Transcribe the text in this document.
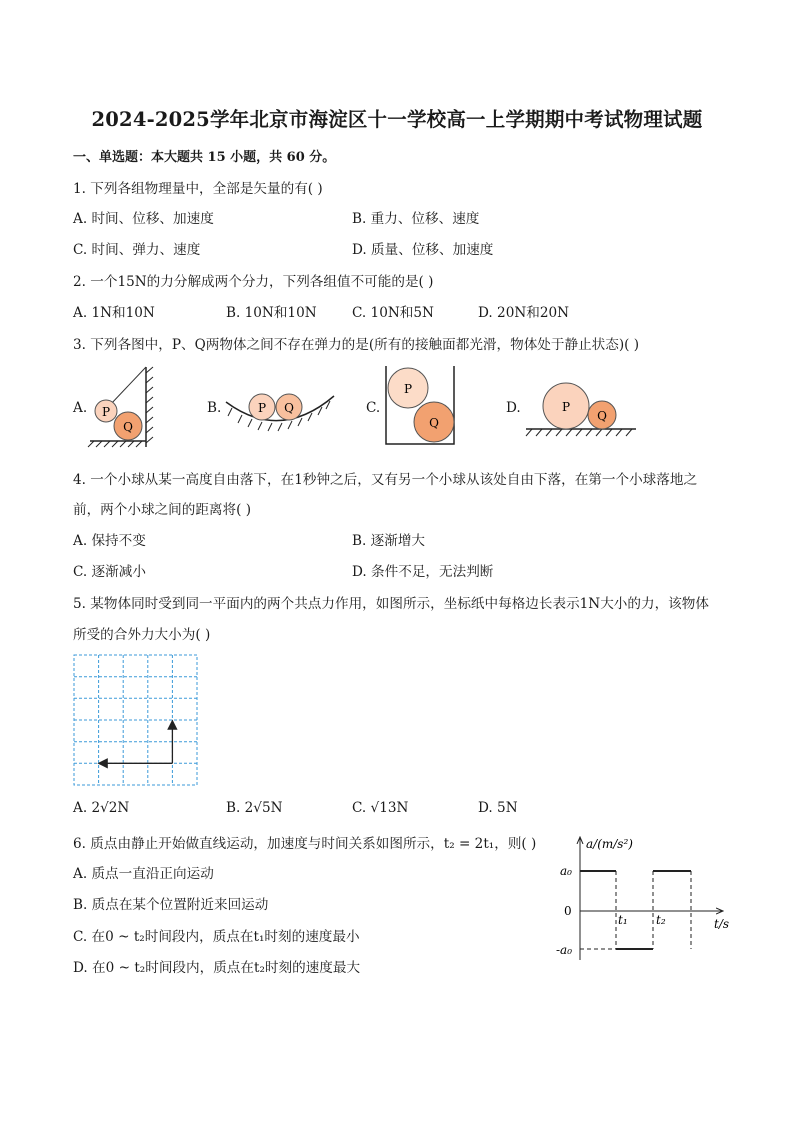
2024-2025学年北京市海淀区十一学校高一上学期期中考试物理试题
一、单选题：本大题共 15 小题，共 60 分。
1. 下列各组物理量中，全部是矢量的有( )
A. 时间、位移、加速度	B. 重力、位移、速度
C. 时间、弹力、速度	D. 质量、位移、加速度
2. 一个15N的力分解成两个分力，下列各组值不可能的是( )
A. 1N和10N	B. 10N和10N	C. 10N和5N	D. 20N和20N
3. 下列各图中，P、Q两物体之间不存在弹力的是(所有的接触面都光滑，物体处于静止状态)( )
A. P
Q
B.	P Q	C.
P
Q
D.	P
Q
4. 一个小球从某一高度自由落下，在1秒钟之后，又有另一个小球从该处自由下落，在第一个小球落地之
前，两个小球之间的距离将( )
A. 保持不变	B. 逐渐增大
C. 逐渐减小	D. 条件不足，无法判断
5. 某物体同时受到同一平面内的两个共点力作用，如图所示，坐标纸中每格边长表示1N大小的力，该物体
所受的合外力大小为( )
A. 2√2N	B. 2√5N	C. √13N	D. 5N
6. 质点由静止开始做直线运动，加速度与时间关系如图所示，t₂ = 2t₁，则( )
A. 质点一直沿正向运动
B. 质点在某个位置附近来回运动
C. 在0 ~ t₂时间段内，质点在t₁时刻的速度最小
D. 在0 ~ t₂时间段内，质点在t₂时刻的速度最大
a/(m/s²)
t/s
a₀
0
-a₀
t₁ t₂
